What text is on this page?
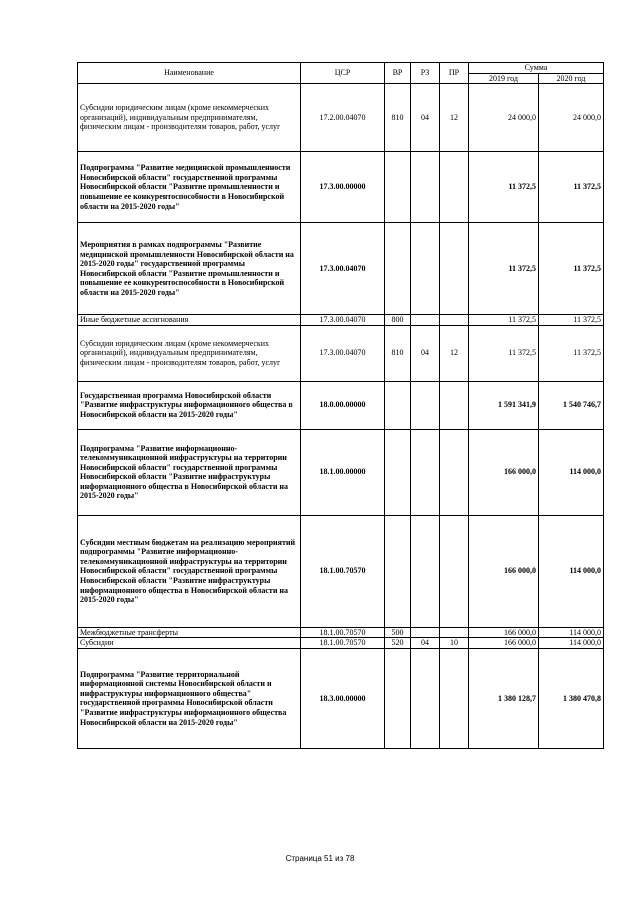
Наименование	ЦСР	ВР	РЗ	ПР	Сумма	
					2019 год	2020 год
Субсидии юридическим лицам (кроме некоммерческих организаций), индивидуальным предпринимателям, физическим лицам - производителям товаров, работ, услуг	17.2.00.04070	810	04	12	24 000,0	24 000,0
Подпрограмма "Развитие медицинской промышленности Новосибирской области" государственной программы Новосибирской области "Развитие промышленности и повышение ее конкурентоспособности в Новосибирской области на 2015-2020 годы"	17.3.00.00000				11 372,5	11 372,5
Мероприятия в рамках подпрограммы "Развитие медицинской промышленности Новосибирской области на 2015-2020 годы" государственной программы Новосибирской области "Развитие промышленности и повышение ее конкурентоспособности в Новосибирской области на 2015-2020 годы"	17.3.00.04070				11 372,5	11 372,5
Иные бюджетные ассигнования	17.3.00.04070	800			11 372,5	11 372,5
Субсидии юридическим лицам (кроме некоммерческих организаций), индивидуальным предпринимателям, физическим лицам - производителям товаров, работ, услуг	17.3.00.04070	810	04	12	11 372,5	11 372,5
Государственная программа Новосибирской области "Развитие инфраструктуры информационного общества в Новосибирской области на 2015-2020 годы"	18.0.00.00000				1 591 341,9	1 540 746,7
Подпрограмма "Развитие информационно-телекоммуникационной инфраструктуры на территории Новосибирской области" государственной программы Новосибирской области "Развитие инфраструктуры информационного общества в Новосибирской области на 2015-2020 годы"	18.1.00.00000				166 000,0	114 000,0
Субсидии местным бюджетам на реализацию мероприятий подпрограммы "Развитие информационно-телекоммуникационной инфраструктуры на территории Новосибирской области" государственной программы Новосибирской области "Развитие инфраструктуры информационного общества в Новосибирской области на 2015-2020 годы"	18.1.00.70570				166 000,0	114 000,0
Межбюджетные трансферты	18.1.00.70570	500			166 000,0	114 000,0
Субсидии	18.1.00.70570	520	04	10	166 000,0	114 000,0
Подпрограмма "Развитие территориальной информационной системы Новосибирской области и инфраструктуры информационного общества" государственной программы Новосибирской области "Развитие инфраструктуры информационного общества Новосибирской области на 2015-2020 годы"	18.3.00.00000				1 380 128,7	1 380 470,8
Страница 51 из 78
